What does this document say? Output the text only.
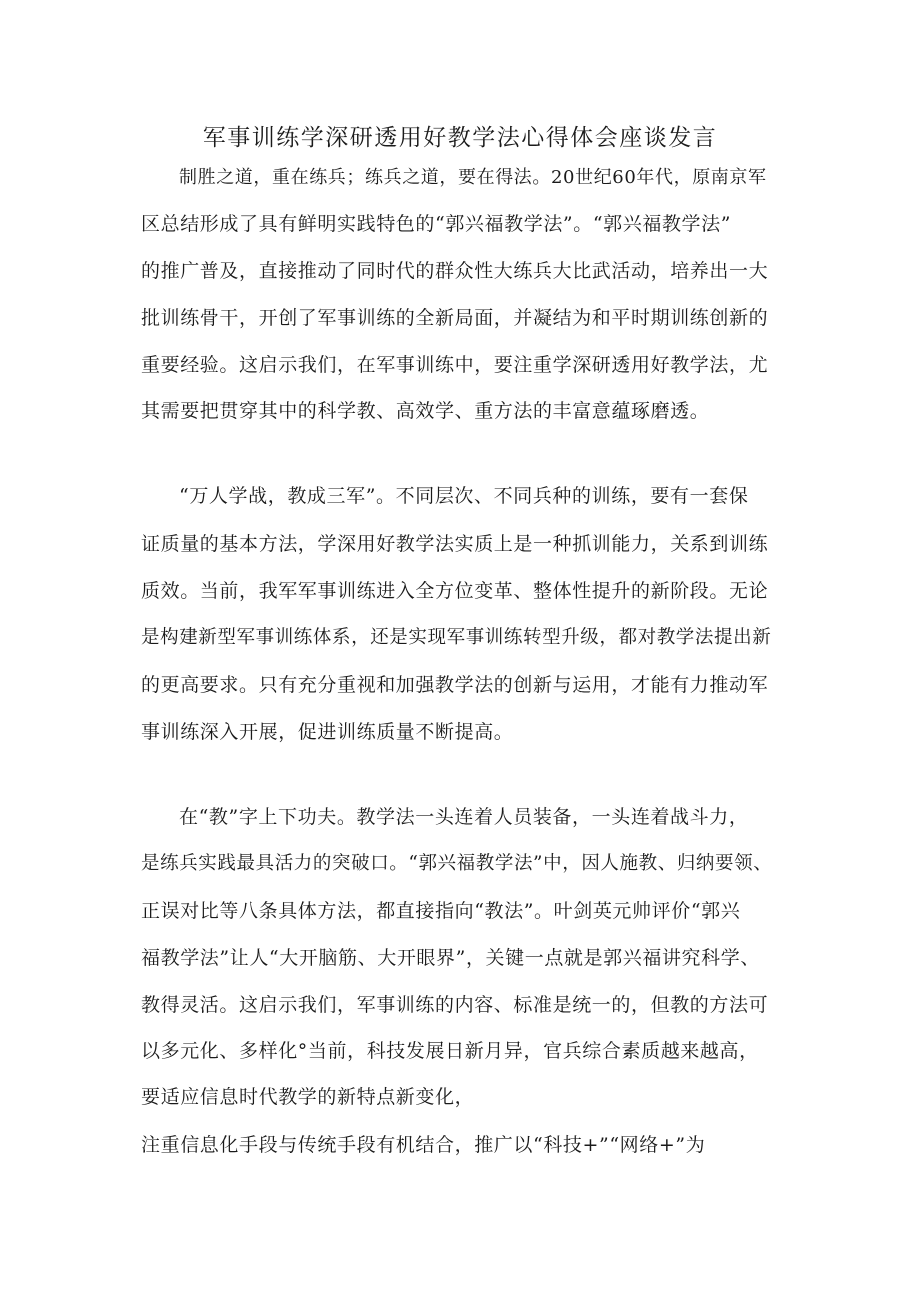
军事训练学深研透用好教学法心得体会座谈发言
制胜之道，重在练兵；练兵之道，要在得法。20世纪60年代，原南京军
区总结形成了具有鲜明实践特色的“郭兴福教学法”。“郭兴福教学法”
的推广普及，直接推动了同时代的群众性大练兵大比武活动，培养出一大
批训练骨干，开创了军事训练的全新局面，并凝结为和平时期训练创新的
重要经验。这启示我们，在军事训练中，要注重学深研透用好教学法，尤
其需要把贯穿其中的科学教、高效学、重方法的丰富意蕴琢磨透。
“万人学战，教成三军”。不同层次、不同兵种的训练，要有一套保
证质量的基本方法，学深用好教学法实质上是一种抓训能力，关系到训练
质效。当前，我军军事训练进入全方位变革、整体性提升的新阶段。无论
是构建新型军事训练体系，还是实现军事训练转型升级，都对教学法提出新
的更高要求。只有充分重视和加强教学法的创新与运用，才能有力推动军
事训练深入开展，促进训练质量不断提高。
在“教”字上下功夫。教学法一头连着人员装备，一头连着战斗力，
是练兵实践最具活力的突破口。“郭兴福教学法”中，因人施教、归纳要领、
正误对比等八条具体方法，都直接指向“教法”。叶剑英元帅评价“郭兴
福教学法”让人“大开脑筋、大开眼界”，关键一点就是郭兴福讲究科学、
教得灵活。这启示我们，军事训练的内容、标准是统一的，但教的方法可
以多元化、多样化°当前，科技发展日新月异，官兵综合素质越来越高，
要适应信息时代教学的新特点新变化，
注重信息化手段与传统手段有机结合，推广以“科技+”“网络+”为
